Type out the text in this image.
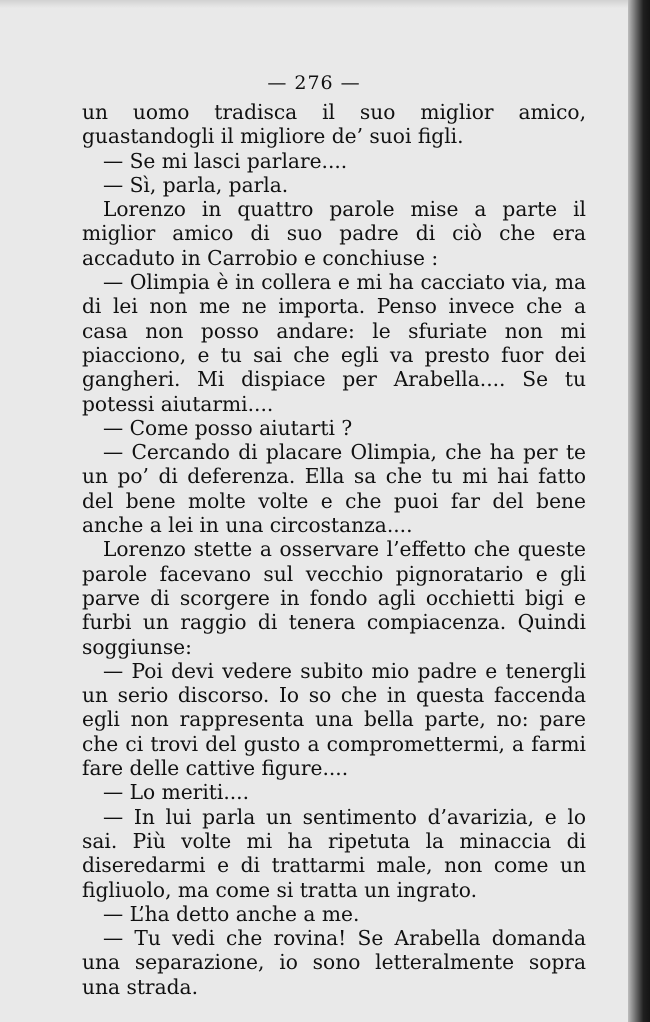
— 276 —

un uomo tradisca il suo miglior amico, guastandogli il migliore de’ suoi figli.

— Se mi lasci parlare....

— Sì, parla, parla.

Lorenzo in quattro parole mise a parte il miglior amico di suo padre di ciò che era accaduto in Carrobio e conchiuse :

— Olimpia è in collera e mi ha cacciato via, ma di lei non me ne importa. Penso invece che a casa non posso andare: le sfuriate non mi piacciono, e tu sai che egli va presto fuor dei gangheri. Mi dispiace per Arabella.... Se tu potessi aiutarmi....

— Come posso aiutarti ?

— Cercando di placare Olimpia, che ha per te un po’ di deferenza. Ella sa che tu mi hai fatto del bene molte volte e che puoi far del bene anche a lei in una circostanza....

Lorenzo stette a osservare l’effetto che queste parole facevano sul vecchio pignoratario e gli parve di scorgere in fondo agli occhietti bigi e furbi un raggio di tenera compiacenza. Quindi soggiunse:

— Poi devi vedere subito mio padre e tenergli un serio discorso. Io so che in questa faccenda egli non rappresenta una bella parte, no: pare che ci trovi del gusto a compromettermi, a farmi fare delle cattive figure....

— Lo meriti....

— In lui parla un sentimento d’avarizia, e lo sai. Più volte mi ha ripetuta la minaccia di diseredarmi e di trattarmi male, non come un figliuolo, ma come si tratta un ingrato.

— L’ha detto anche a me.

— Tu vedi che rovina! Se Arabella domanda una separazione, io sono letteralmente sopra una strada.
